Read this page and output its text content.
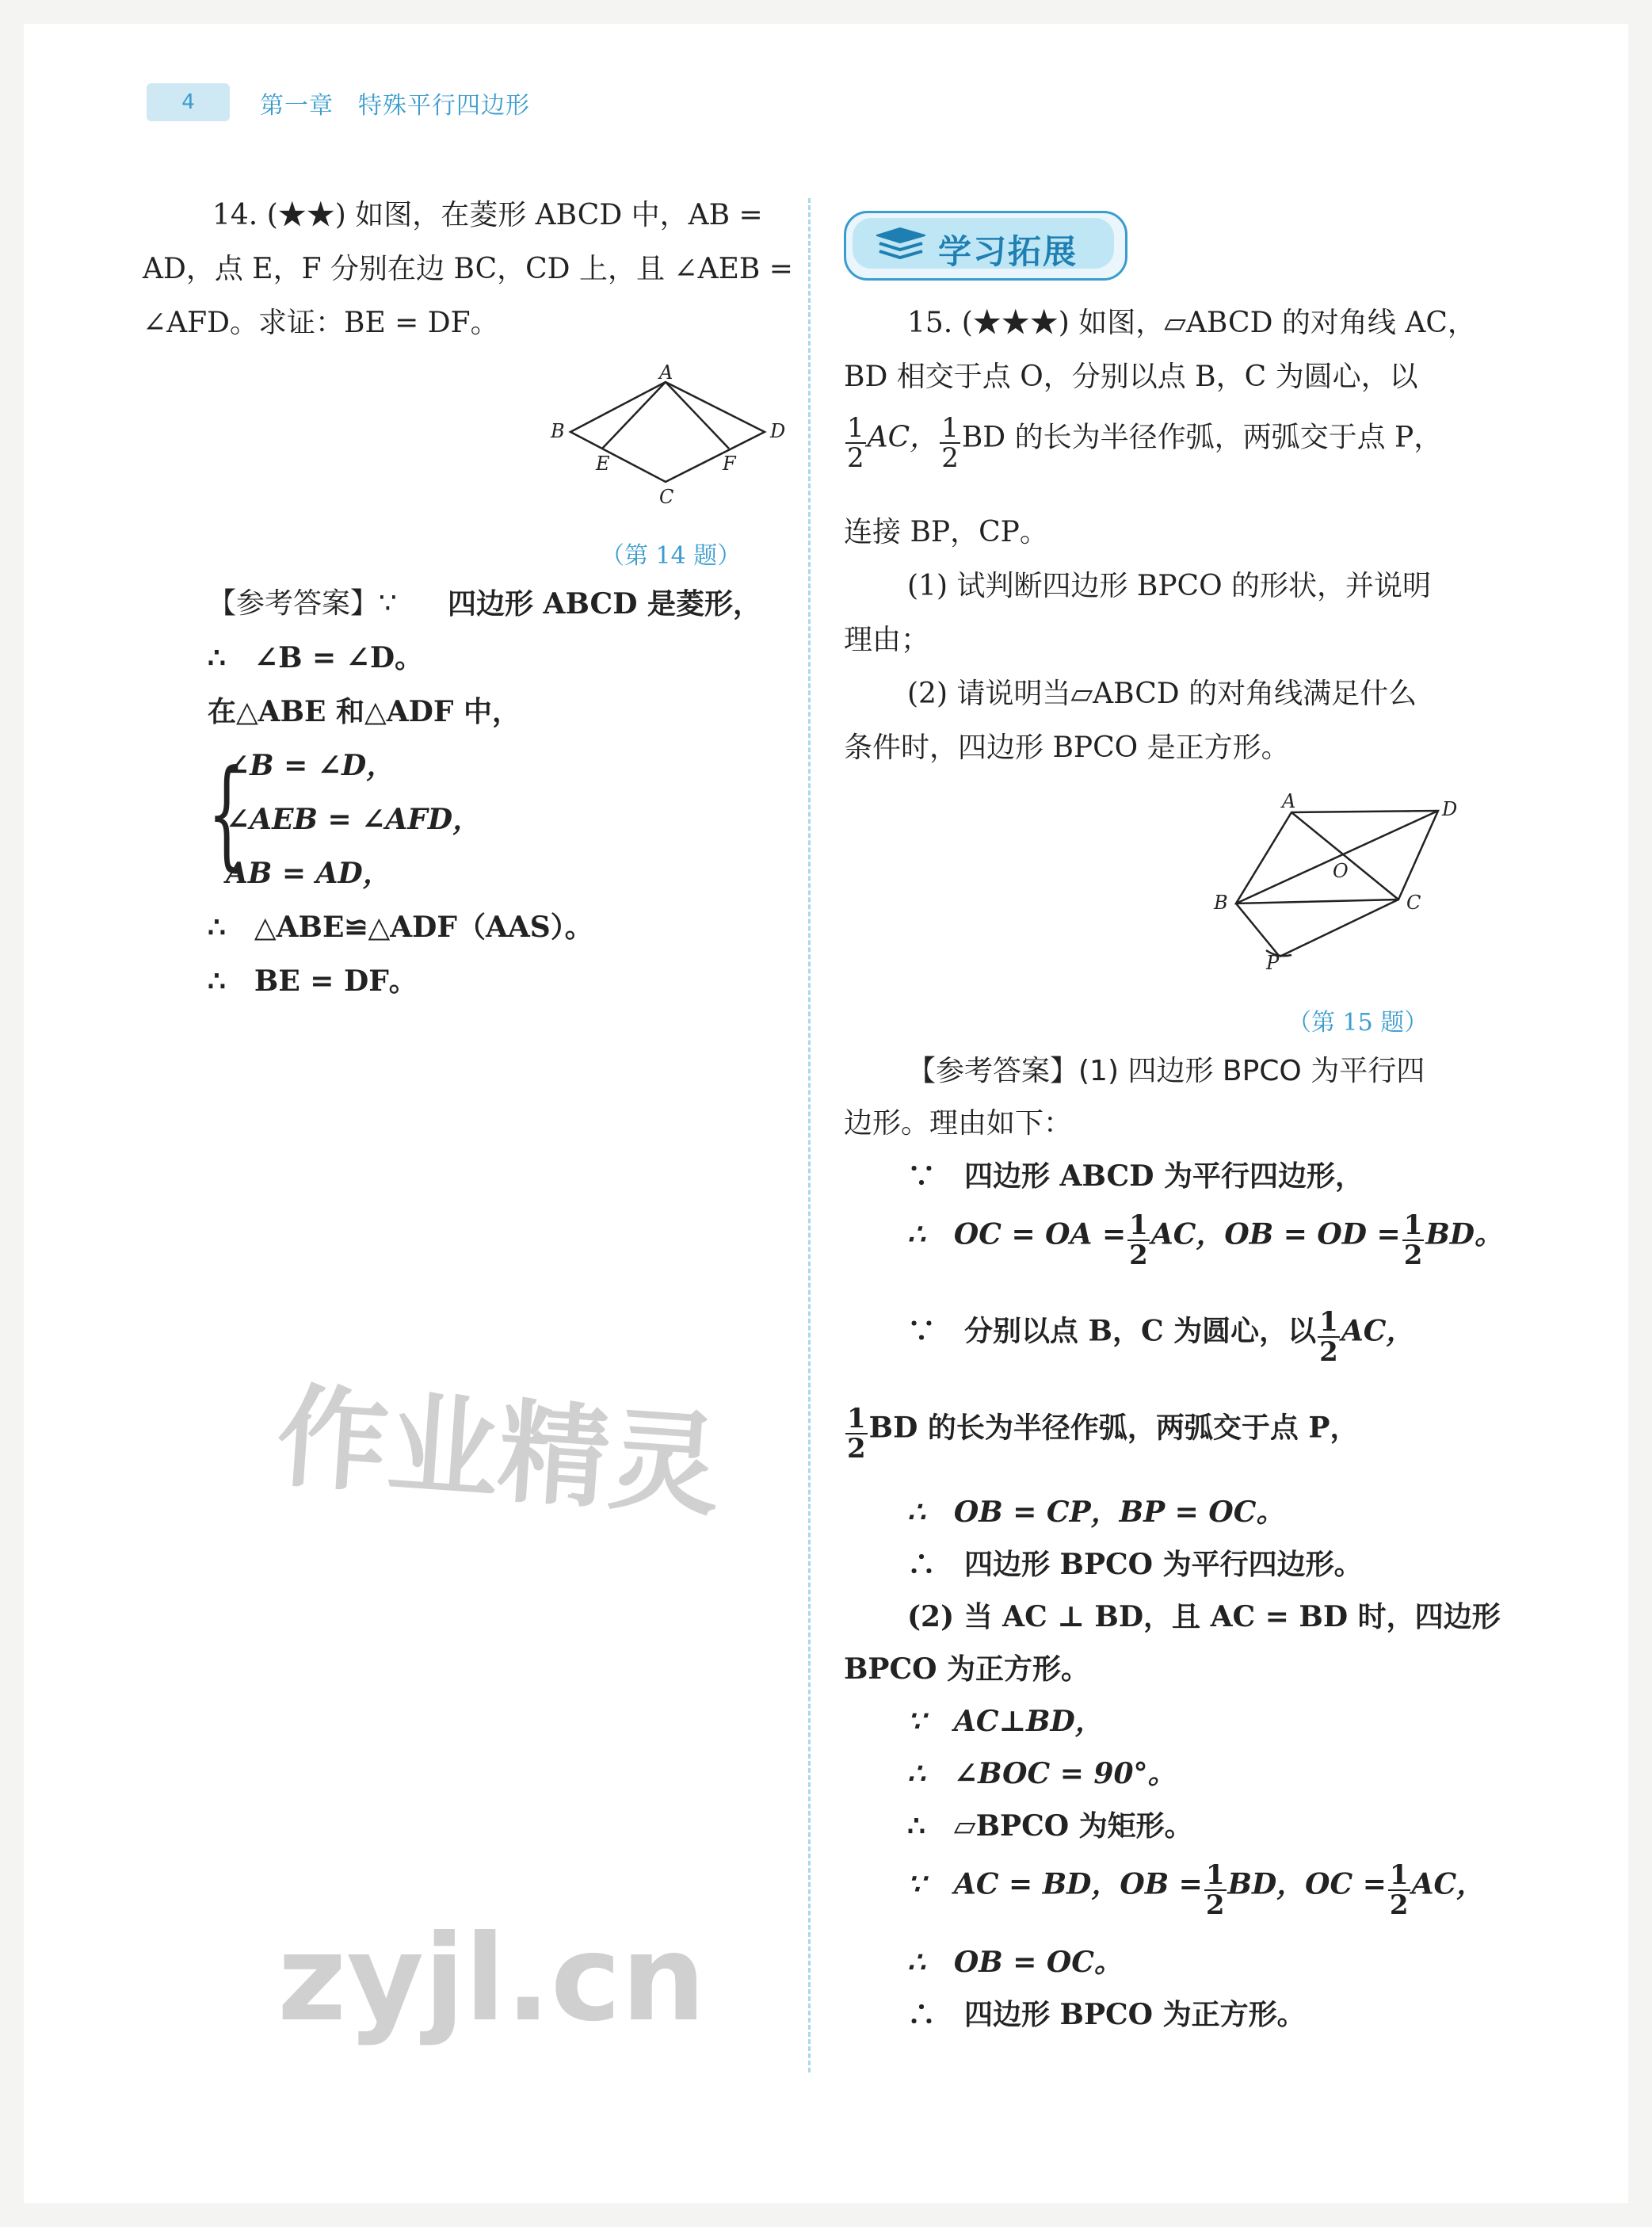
4	第一章　特殊平行四边形
14. (★★) 如图，在菱形 ABCD 中，AB =
AD，点 E，F 分别在边 BC，CD 上，且 ∠AEB =
∠AFD。求证：BE = DF。
A
B
E
C
F
D
（第 14 题）
【参考答案】∵ 四边形 ABCD 是菱形，
∴　∠B = ∠D。
在△ABE 和△ADF 中，
{
∠B = ∠D，
∠AEB = ∠AFD，
AB = AD，
∴　△ABE≌△ADF（AAS）。
∴　BE = DF。
作业精灵
zyjl.cn
学习拓展
15. (★★★) 如图，▱ABCD 的对角线 AC，
BD 相交于点 O，分别以点 B，C 为圆心，以
$\frac{1}{2}$ AC， $\frac{1}{2}$ BD 的长为半径作弧，两弧交于点 P，
连接 BP，CP。
(1) 试判断四边形 BPCO 的形状，并说明
理由；
(2) 请说明当▱ABCD 的对角线满足什么
条件时，四边形 BPCO 是正方形。
A	D
O
B	C
P
（第 15 题）
【参考答案】(1) 四边形 BPCO 为平行四
边形。理由如下：
∵　四边形 ABCD 为平行四边形，
∴　OC = OA = $\frac{1}{2}$ AC，OB = OD = $\frac{1}{2}$ BD。
∵　分别以点 B，C 为圆心，以 $\frac{1}{2}$ AC，
$\frac{1}{2}$ BD 的长为半径作弧，两弧交于点 P，
∴　OB = CP，BP = OC。
∴　四边形 BPCO 为平行四边形。
(2) 当 AC ⊥ BD，且 AC = BD 时，四边形
BPCO 为正方形。
∵　AC⊥BD，
∴　∠BOC = 90°。
∴　▱BPCO 为矩形。
∵　AC = BD，OB = $\frac{1}{2}$ BD，OC = $\frac{1}{2}$ AC，
∴　OB = OC。
∴　四边形 BPCO 为正方形。
